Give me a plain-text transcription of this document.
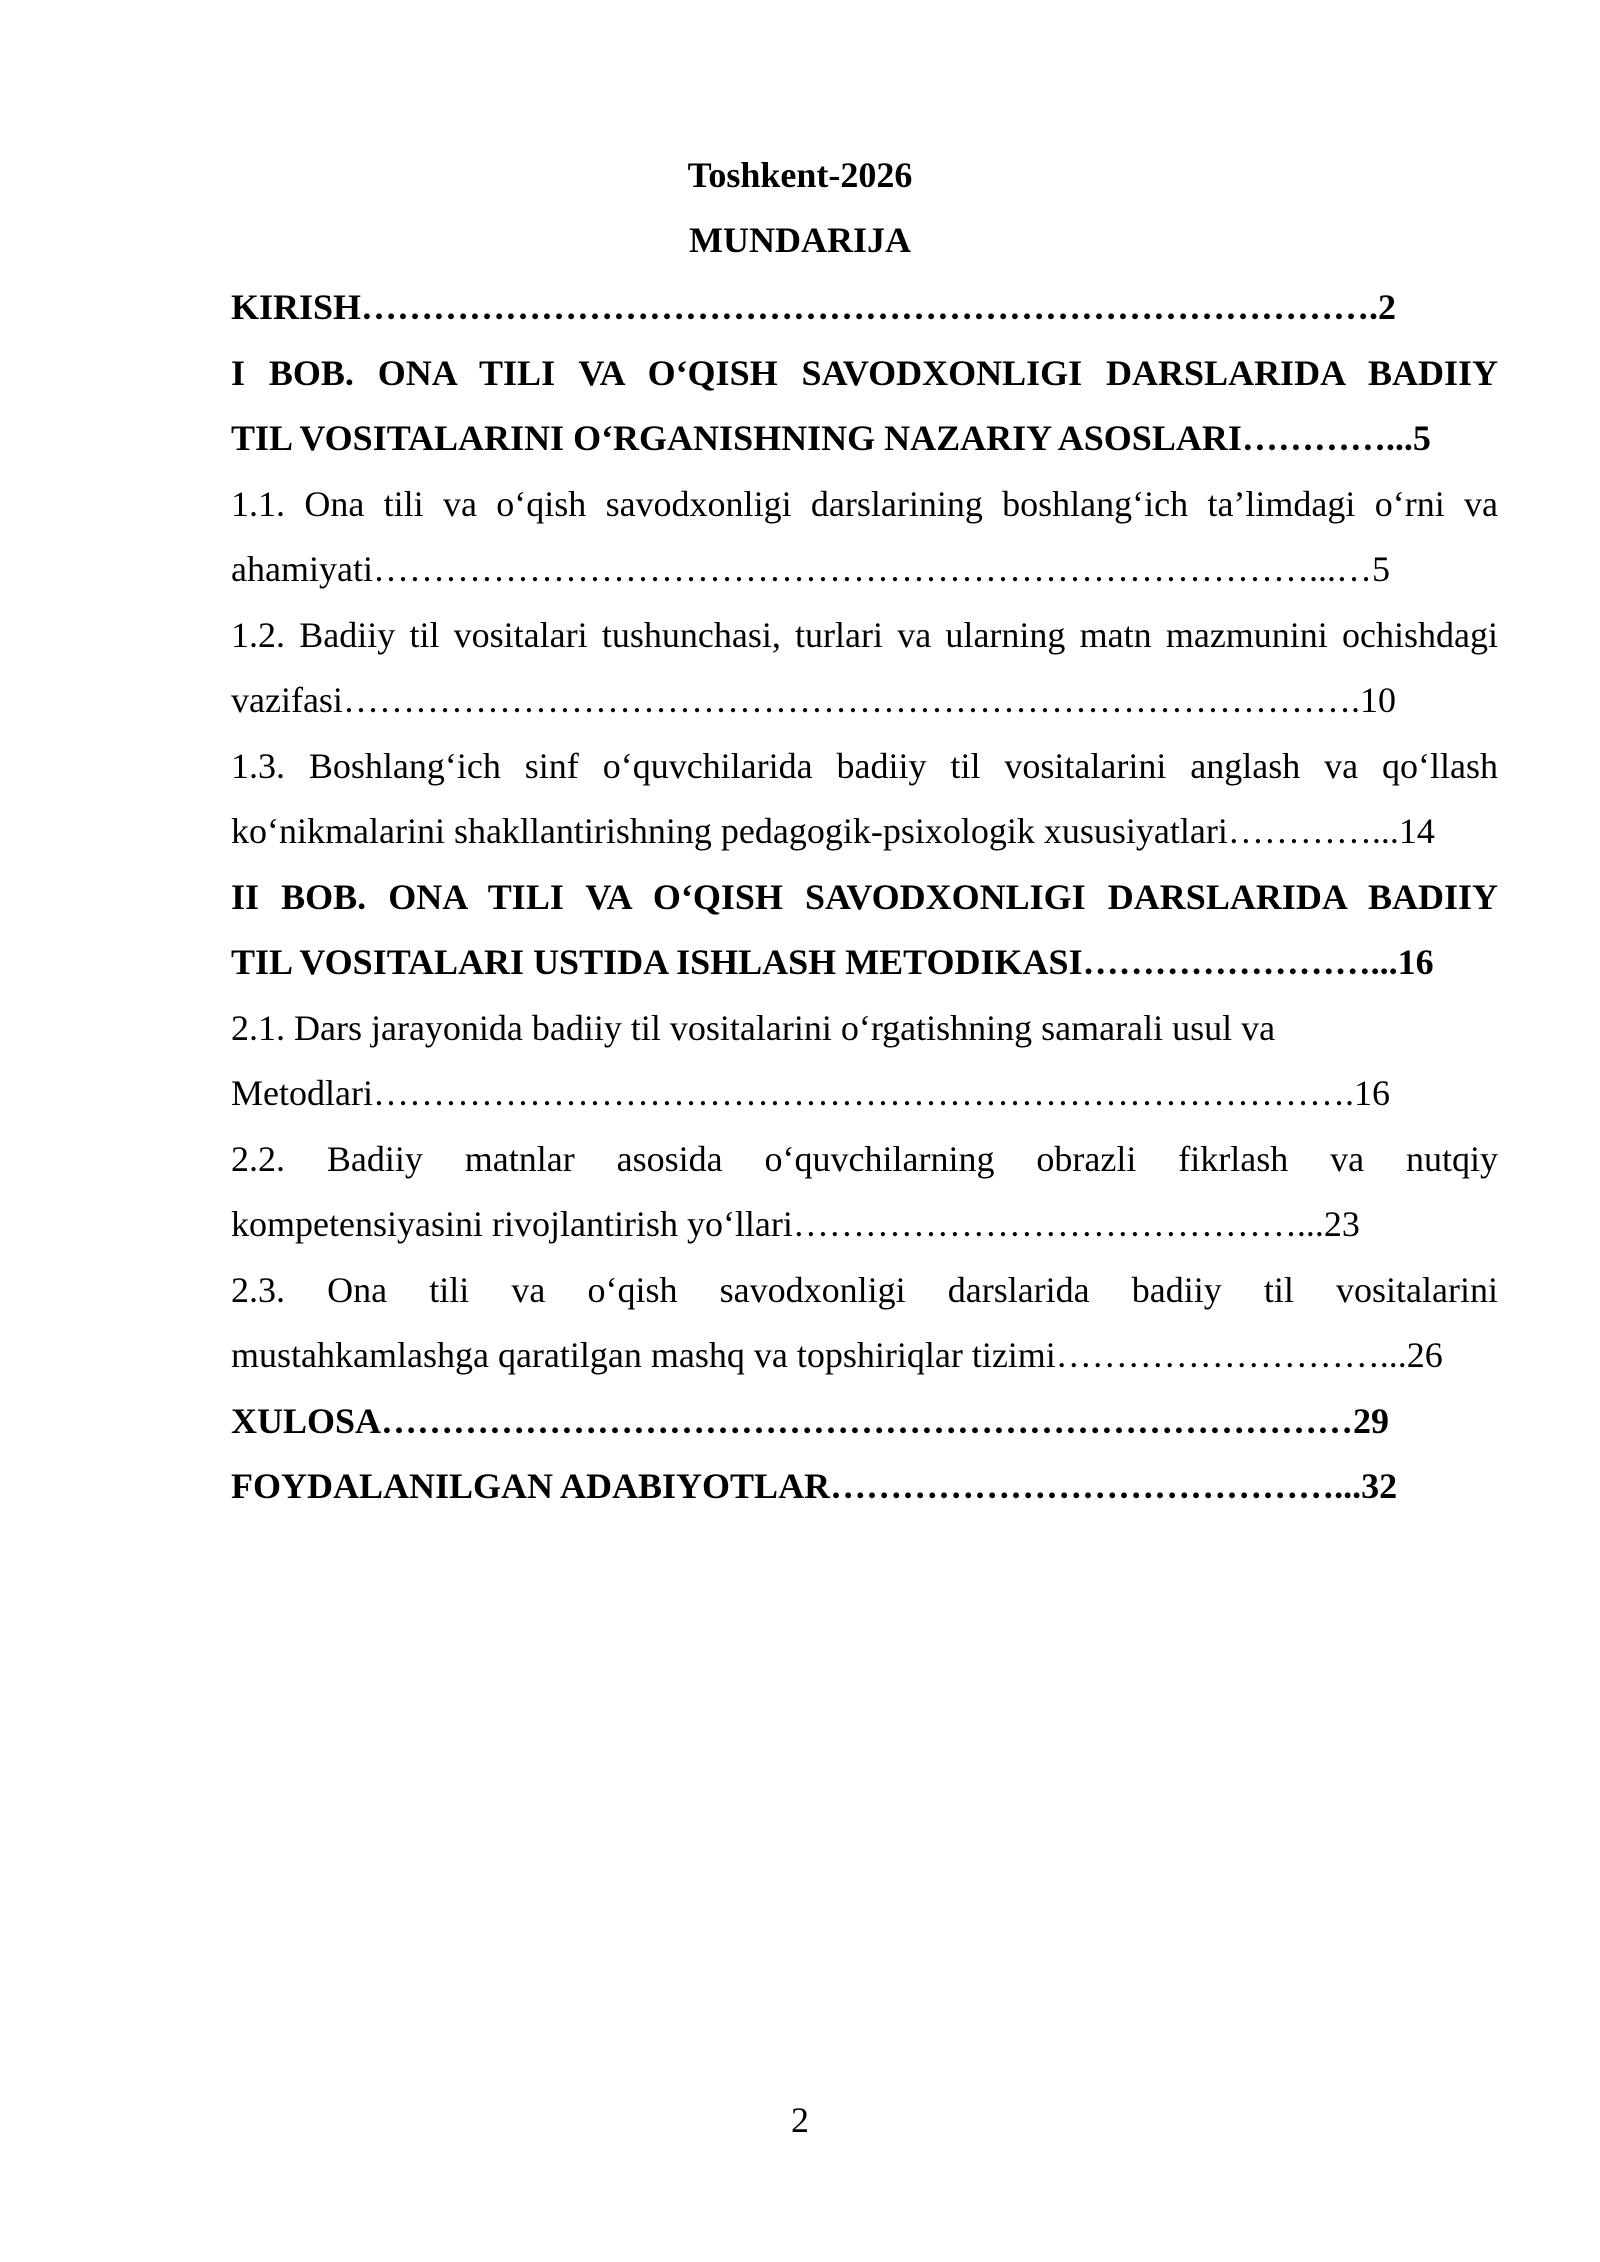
Toshkent-2026
MUNDARIJA
KIRISH………………………………………………………………………….2
I BOB. ONA TILI VA O‘QISH SAVODXONLIGI DARSLARIDA BADIIY
TIL VOSITALARINI O‘RGANISHNING NAZARIY ASOSLARI…………...5
1.1. Ona tili va o‘qish savodxonligi darslarining boshlang‘ich ta’limdagi o‘rni va
ahamiyati……………………………………………………………………...…5
1.2. Badiiy til vositalari tushunchasi, turlari va ularning matn mazmunini ochishdagi
vazifasi………………………………………………………………………….10
1.3. Boshlang‘ich sinf o‘quvchilarida badiiy til vositalarini anglash va qo‘llash
ko‘nikmalarini shakllantirishning pedagogik-psixologik xususiyatlari…………...14
II BOB. ONA TILI VA O‘QISH SAVODXONLIGI DARSLARIDA BADIIY
TIL VOSITALARI USTIDA ISHLASH METODIKASI……………………...16
2.1. Dars jarayonida badiiy til vositalarini o‘rgatishning samarali usul va
Metodlari……………………………………………………………………….16
2.2. Badiiy matnlar asosida o‘quvchilarning obrazli fikrlash va nutqiy
kompetensiyasini rivojlantirish yo‘llari……………………………………...23
2.3. Ona tili va o‘qish savodxonligi darslarida badiiy til vositalarini
mustahkamlashga qaratilgan mashq va topshiriqlar tizimi………………………...26
XULOSA………………………………………………………………………29
FOYDALANILGAN ADABIYOTLAR……………………………………...32
2
